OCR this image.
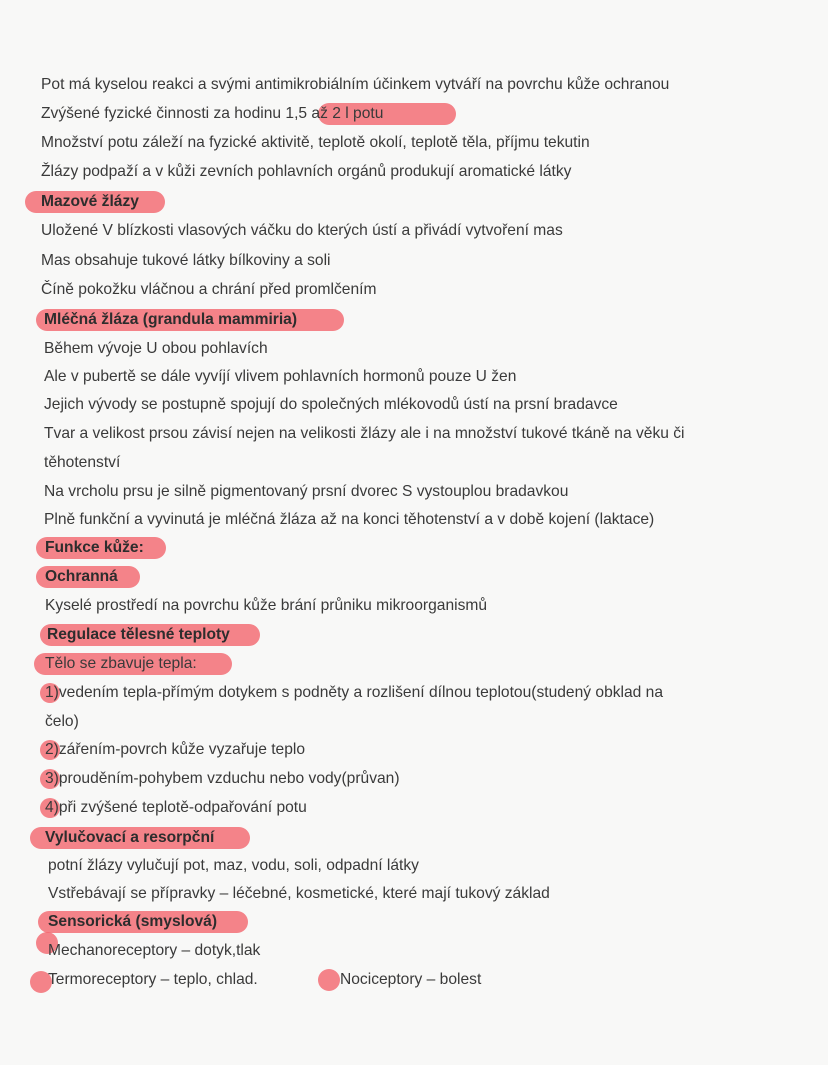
Pot má kyselou reakci a svými antimikrobiálním účinkem vytváří na povrchu kůže ochranou
Zvýšené fyzické činnosti za hodinu 1,5 až 2 l potu
Množství potu záleží na fyzické aktivitě, teplotě okolí, teplotě těla, příjmu tekutin
Žlázy podpaží a v kůži zevních pohlavních orgánů produkují aromatické látky
Mazové žlázy
Uložené V blízkosti vlasových váčku do kterých ústí a přivádí vytvoření mas
Mas obsahuje tukové látky bílkoviny a soli
Číně pokožku vláčnou a chrání před promlčením
Mléčná žláza (grandula mammiria)
Během vývoje U obou pohlavích
Ale v pubertě se dále vyvíjí vlivem pohlavních hormonů pouze U žen
Jejich vývody se postupně spojují do společných mlékovodů ústí na prsní bradavce
Tvar a velikost prsou závisí nejen na velikosti žlázy ale i na množství tukové tkáně na věku či
těhotenství
Na vrcholu prsu je silně pigmentovaný prsní dvorec S vystouplou bradavkou
Plně funkční a vyvinutá je mléčná žláza až na konci těhotenství a v době kojení (laktace)
Funkce kůže:
Ochranná
Kyselé prostředí na povrchu kůže brání průniku mikroorganismů
Regulace tělesné teploty
Tělo se zbavuje tepla:
1)vedením tepla-přímým dotykem s podněty a rozlišení dílnou teplotou(studený obklad na
čelo)
2)zářením-povrch kůže vyzařuje teplo
3)prouděním-pohybem vzduchu nebo vody(průvan)
4)při zvýšené teplotě-odpařování potu
Vylučovací a resorpční
potní žlázy vylučují pot, maz, vodu, soli, odpadní látky
Vstřebávají se přípravky – léčebné, kosmetické, které mají tukový základ
Sensorická (smyslová)
Mechanoreceptory – dotyk,tlak
Termoreceptory – teplo, chlad.	Nociceptory – bolest
